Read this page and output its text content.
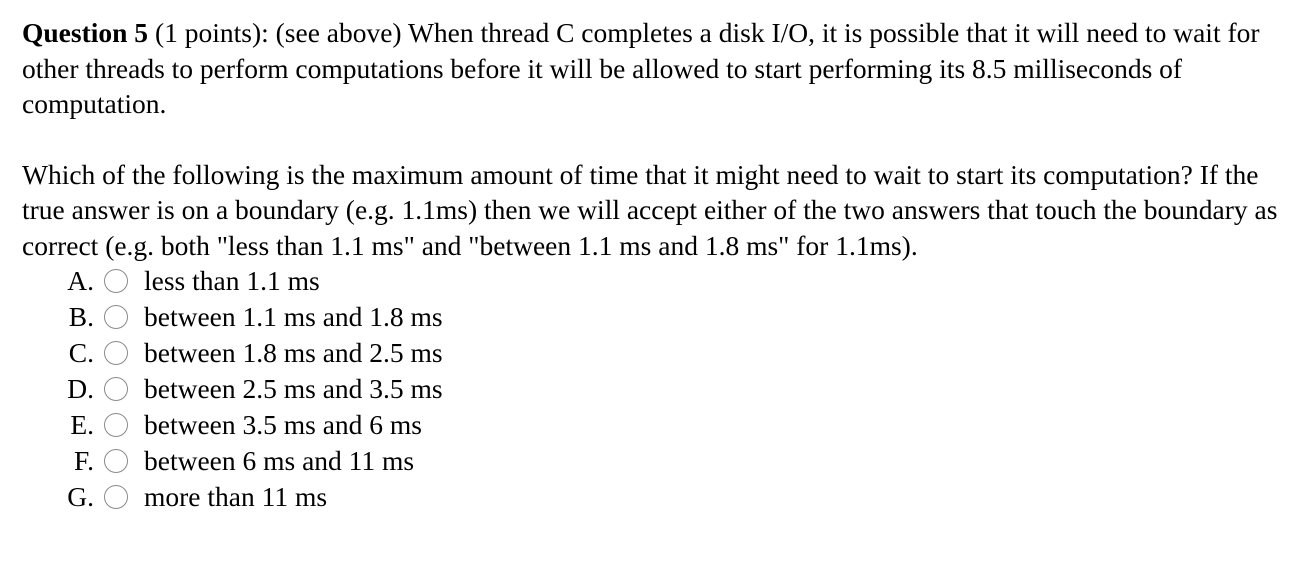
Question 5 (1 points): (see above) When thread C completes a disk I/O, it is possible that it will need to wait for other threads to perform computations before it will be allowed to start performing its 8.5 milliseconds of computation.
Which of the following is the maximum amount of time that it might need to wait to start its computation? If the true answer is on a boundary (e.g. 1.1ms) then we will accept either of the two answers that touch the boundary as correct (e.g. both "less than 1.1 ms" and "between 1.1 ms and 1.8 ms" for 1.1ms).
A. less than 1.1 ms
B. between 1.1 ms and 1.8 ms
C. between 1.8 ms and 2.5 ms
D. between 2.5 ms and 3.5 ms
E. between 3.5 ms and 6 ms
F. between 6 ms and 11 ms
G. more than 11 ms
